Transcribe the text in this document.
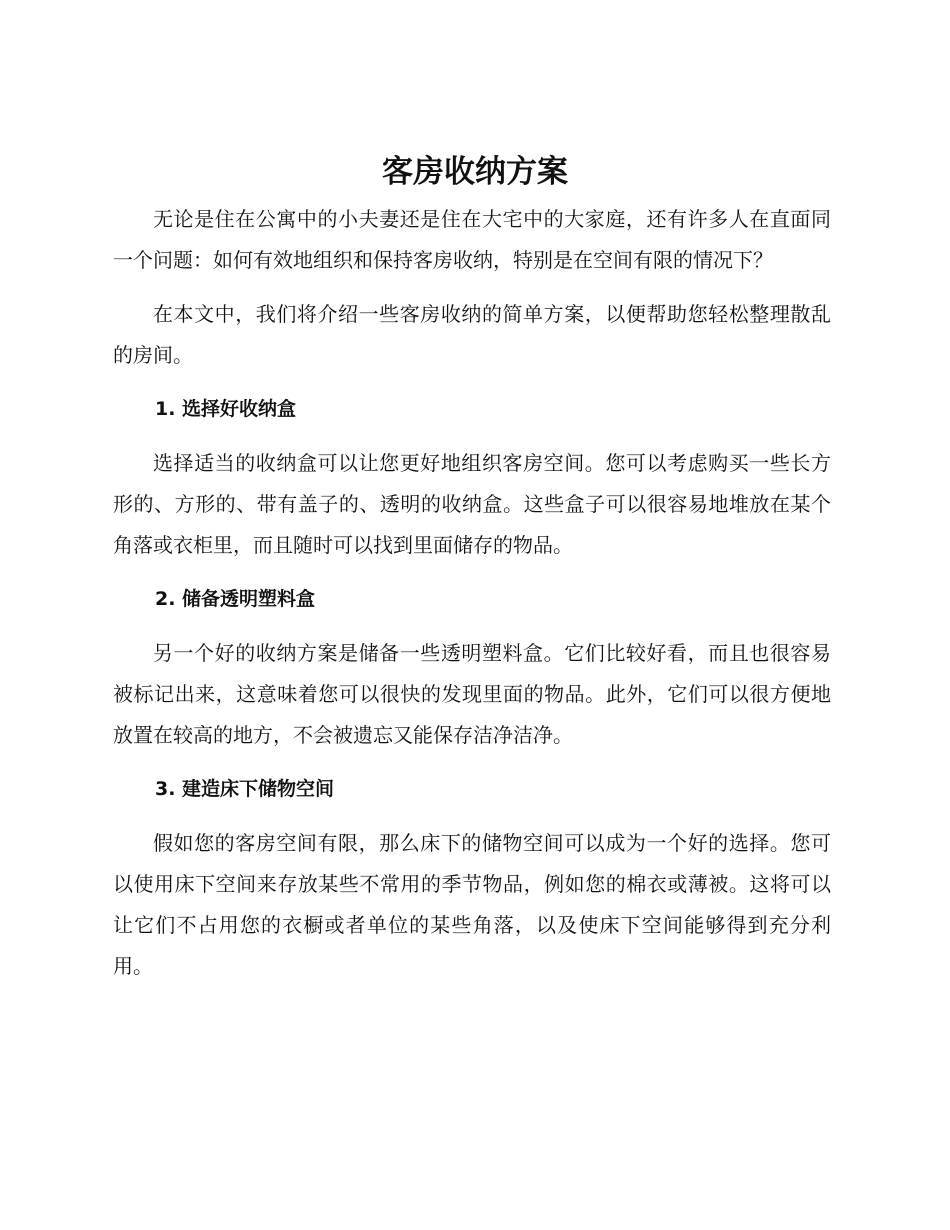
客房收纳方案

无论是住在公寓中的小夫妻还是住在大宅中的大家庭，还有许多人在直面同一个问题：如何有效地组织和保持客房收纳，特别是在空间有限的情况下？

在本文中，我们将介绍一些客房收纳的简单方案，以便帮助您轻松整理散乱的房间。

1. 选择好收纳盒

选择适当的收纳盒可以让您更好地组织客房空间。您可以考虑购买一些长方形的、方形的、带有盖子的、透明的收纳盒。这些盒子可以很容易地堆放在某个角落或衣柜里，而且随时可以找到里面储存的物品。

2. 储备透明塑料盒

另一个好的收纳方案是储备一些透明塑料盒。它们比较好看，而且也很容易被标记出来，这意味着您可以很快的发现里面的物品。此外，它们可以很方便地放置在较高的地方，不会被遗忘又能保存洁净洁净。

3. 建造床下储物空间

假如您的客房空间有限，那么床下的储物空间可以成为一个好的选择。您可以使用床下空间来存放某些不常用的季节物品，例如您的棉衣或薄被。这将可以让它们不占用您的衣橱或者单位的某些角落，以及使床下空间能够得到充分利用。
